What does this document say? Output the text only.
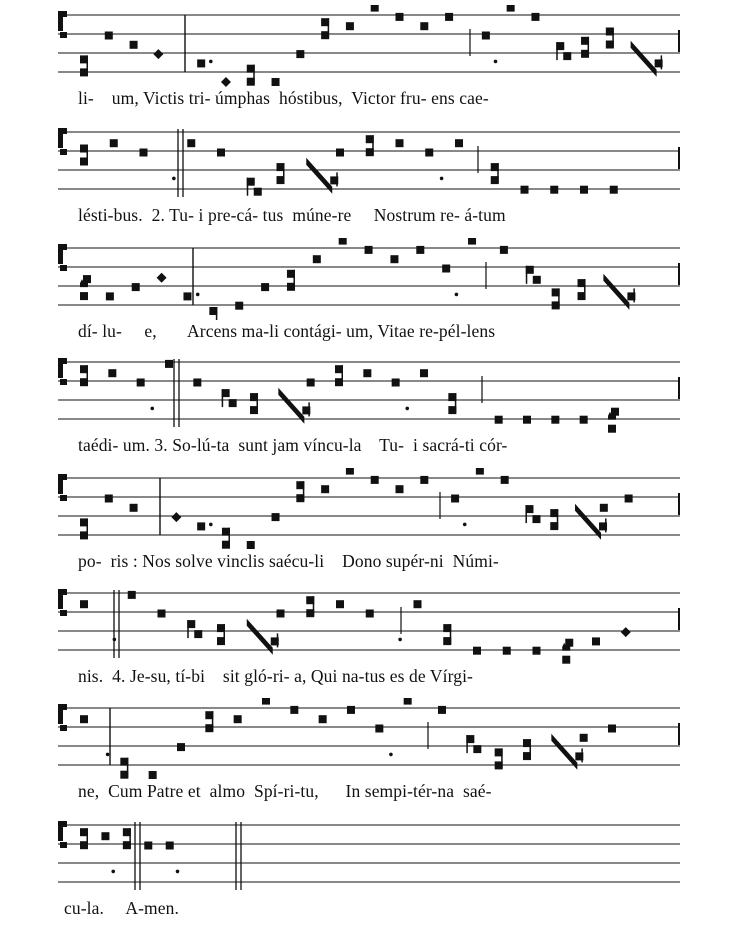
li-    um, Victis tri- úmphas  hóstibus,  Victor fru- ens cae-
lésti-bus.  2. Tu- i pre-cá- tus  múne-re     Nostrum re- á-tum
dí- lu-     e,       Arcens ma-li contági- um, Vitae re-pél-lens
taédi- um. 3. So-lú-ta  sunt jam víncu-la    Tu-  i sacrá-ti cór-
po-  ris : Nos solve vinclis saécu-li    Dono supér-ni  Númi-
nis.  4. Je-su, tí-bi    sit gló-ri- a, Qui na-tus es de Vírgi-
ne,  Cum Patre et  almo  Spí-ri-tu,      In sempi-tér-na  saé-
cu-la.     A-men.
